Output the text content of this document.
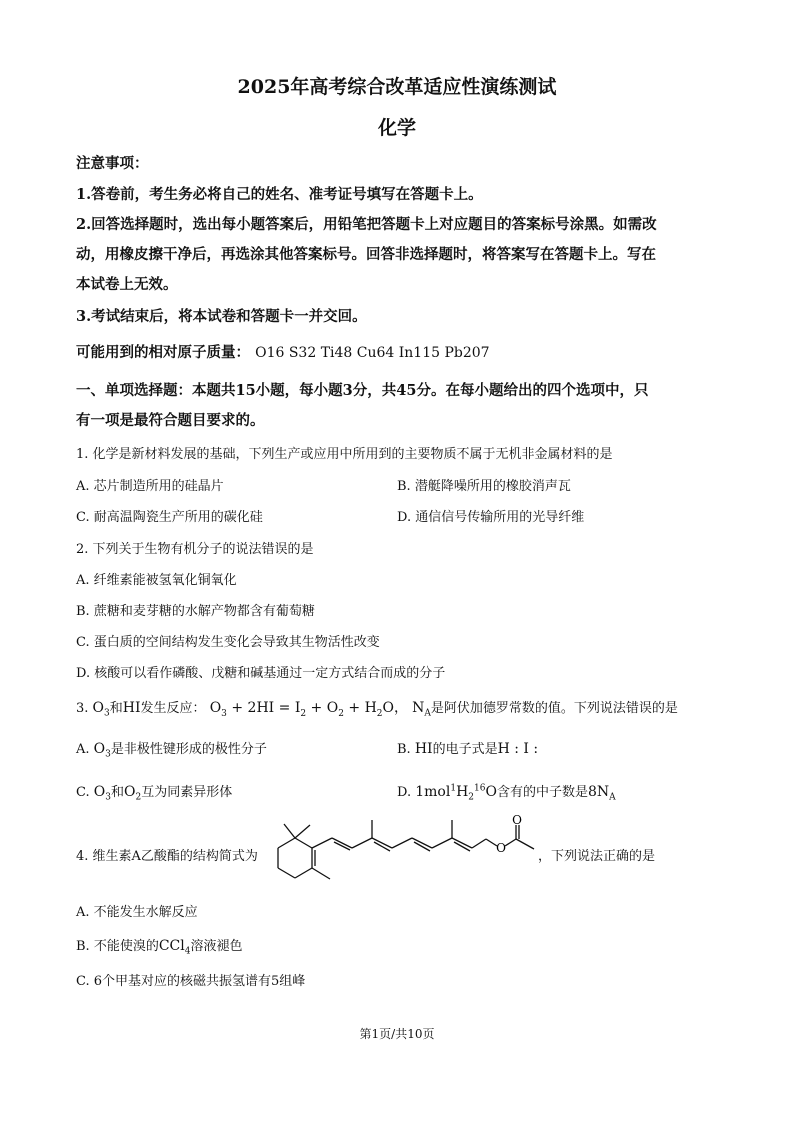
2025年高考综合改革适应性演练测试
化学
注意事项：
1.答卷前，考生务必将自己的姓名、准考证号填写在答题卡上。
2.回答选择题时，选出每小题答案后，用铅笔把答题卡上对应题目的答案标号涂黑。如需改
动，用橡皮擦干净后，再选涂其他答案标号。回答非选择题时，将答案写在答题卡上。写在
本试卷上无效。
3.考试结束后，将本试卷和答题卡一并交回。
可能用到的相对原子质量： O16 S32 Ti48 Cu64 In115 Pb207
一、单项选择题：本题共15小题，每小题3分，共45分。在每小题给出的四个选项中，只
有一项是最符合题目要求的。
1. 化学是新材料发展的基础，下列生产或应用中所用到的主要物质不属于无机非金属材料的是
A. 芯片制造所用的硅晶片	B. 潜艇降噪所用的橡胶消声瓦
C. 耐高温陶瓷生产所用的碳化硅	D. 通信信号传输所用的光导纤维
2. 下列关于生物有机分子的说法错误的是
A. 纤维素能被氢氧化铜氧化
B. 蔗糖和麦芽糖的水解产物都含有葡萄糖
C. 蛋白质的空间结构发生变化会导致其生物活性改变
D. 核酸可以看作磷酸、戊糖和碱基通过一定方式结合而成的分子
3. $O_3$和HI发生反应： $O_3 + 2HI = I_2 + O_2 + H_2O$， $N_A$是阿伏加德罗常数的值。下列说法错误的是
A. $O_3$是非极性键形成的极性分子	B. HI的电子式是H : I :
C. $O_3$和$O_2$互为同素异形体	D. $1mol^1H_2^{16}O$含有的中子数是$8N_A$
4. 维生素A乙酸酯的结构简式为
O
O
，下列说法正确的是
A. 不能发生水解反应
B. 不能使溴的CCl$_4$溶液褪色
C. 6个甲基对应的核磁共振氢谱有5组峰
第1页/共10页
